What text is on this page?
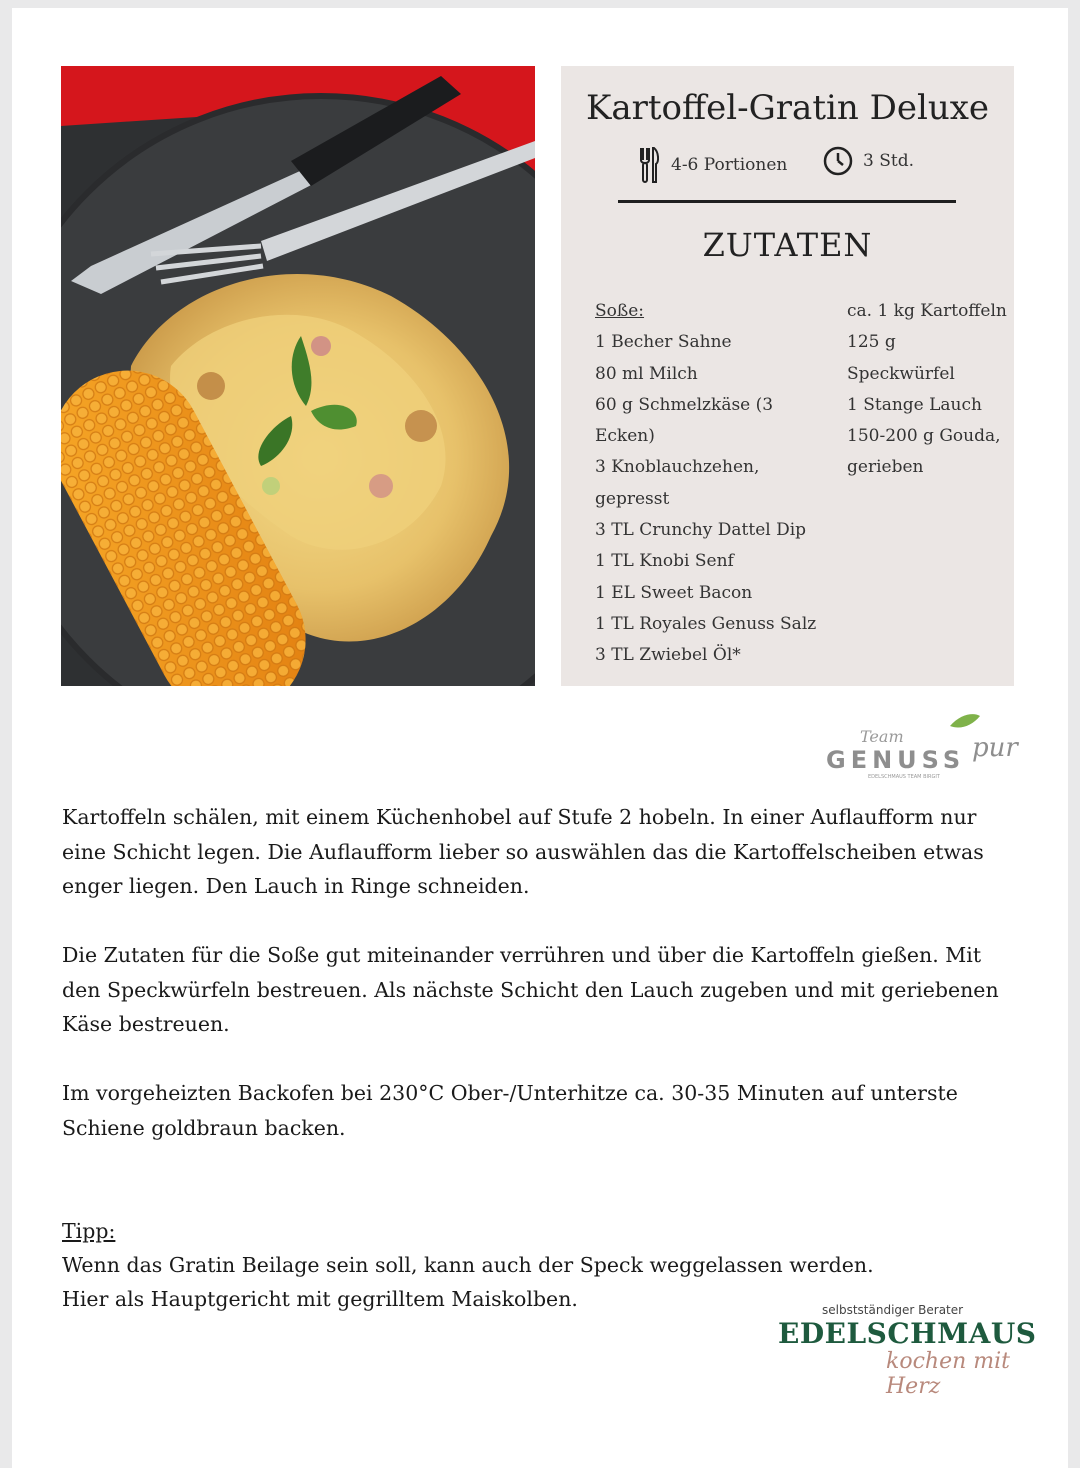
Kartoffel-Gratin Deluxe
4-6 Portionen	3 Std.
ZUTATEN
Soße:
1 Becher Sahne
80 ml Milch
60 g Schmelzkäse (3 Ecken)
3 Knoblauchzehen, gepresst
3 TL Crunchy Dattel Dip
1 TL Knobi Senf
1 EL Sweet Bacon
1 TL Royales Genuss Salz
3 TL Zwiebel Öl*
ca. 1 kg Kartoffeln
125 g Speckwürfel
1 Stange Lauch
150-200 g Gouda,
gerieben
Team
GENUSS pur
EDELSCHMAUS TEAM BIRGIT

Kartoffeln schälen, mit einem Küchenhobel auf Stufe 2 hobeln. In einer Auflaufform nur eine Schicht legen. Die Auflaufform lieber so auswählen das die Kartoffelscheiben etwas enger liegen. Den Lauch in Ringe schneiden.

Die Zutaten für die Soße gut miteinander verrühren und über die Kartoffeln gießen. Mit den Speckwürfeln bestreuen. Als nächste Schicht den Lauch zugeben und mit geriebenen Käse bestreuen.

Im vorgeheizten Backofen bei 230°C Ober-/Unterhitze ca. 30-35 Minuten auf unterste Schiene goldbraun backen.

Tipp:

Wenn das Gratin Beilage sein soll, kann auch der Speck weggelassen werden.

Hier als Hauptgericht mit gegrilltem Maiskolben.	selbstständiger Berater
EDELSCHMAUS
kochen mit Herz
